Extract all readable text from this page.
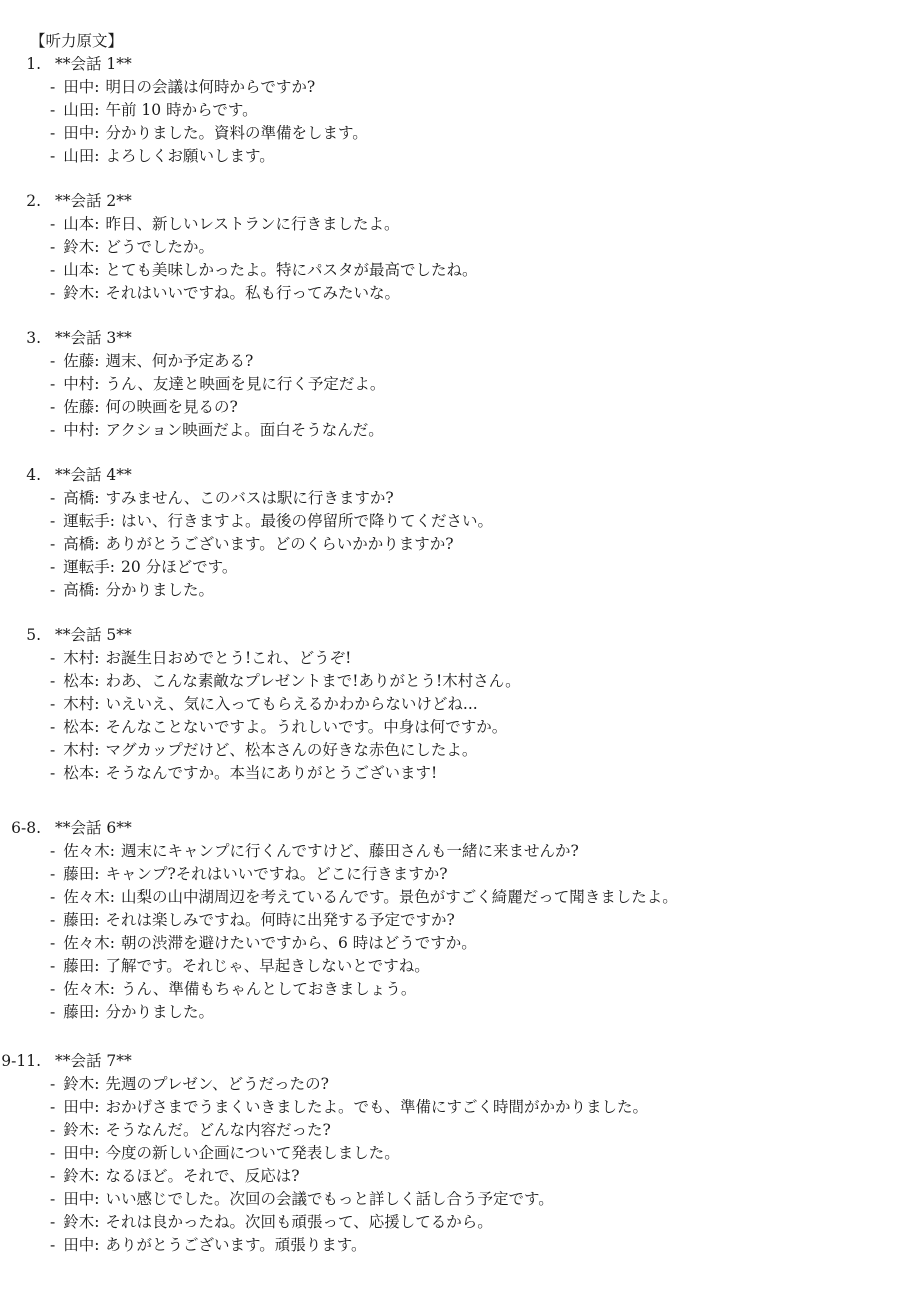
【听力原文】
1. **会話 1**
- 田中: 明日の会議は何時からですか?
- 山田: 午前 10 時からです。
- 田中: 分かりました。資料の準備をします。
- 山田: よろしくお願いします。
2. **会話 2**
- 山本: 昨日、新しいレストランに行きましたよ。
- 鈴木: どうでしたか。
- 山本: とても美味しかったよ。特にパスタが最高でしたね。
- 鈴木: それはいいですね。私も行ってみたいな。
3. **会話 3**
- 佐藤: 週末、何か予定ある?
- 中村: うん、友達と映画を見に行く予定だよ。
- 佐藤: 何の映画を見るの?
- 中村: アクション映画だよ。面白そうなんだ。
4. **会話 4**
- 高橋: すみません、このバスは駅に行きますか?
- 運転手: はい、行きますよ。最後の停留所で降りてください。
- 高橋: ありがとうございます。どのくらいかかりますか?
- 運転手: 20 分ほどです。
- 高橋: 分かりました。
5. **会話 5**
- 木村: お誕生日おめでとう!これ、どうぞ!
- 松本: わあ、こんな素敵なプレゼントまで!ありがとう!木村さん。
- 木村: いえいえ、気に入ってもらえるかわからないけどね...
- 松本: そんなことないですよ。うれしいです。中身は何ですか。
- 木村: マグカップだけど、松本さんの好きな赤色にしたよ。
- 松本: そうなんですか。本当にありがとうございます!
6-8. **会話 6**
- 佐々木: 週末にキャンプに行くんですけど、藤田さんも一緒に来ませんか?
- 藤田: キャンプ?それはいいですね。どこに行きますか?
- 佐々木: 山梨の山中湖周辺を考えているんです。景色がすごく綺麗だって聞きましたよ。
- 藤田: それは楽しみですね。何時に出発する予定ですか?
- 佐々木: 朝の渋滞を避けたいですから、6 時はどうですか。
- 藤田: 了解です。それじゃ、早起きしないとですね。
- 佐々木: うん、準備もちゃんとしておきましょう。
- 藤田: 分かりました。
9-11. **会話 7**
- 鈴木: 先週のプレゼン、どうだったの?
- 田中: おかげさまでうまくいきましたよ。でも、準備にすごく時間がかかりました。
- 鈴木: そうなんだ。どんな内容だった?
- 田中: 今度の新しい企画について発表しました。
- 鈴木: なるほど。それで、反応は?
- 田中: いい感じでした。次回の会議でもっと詳しく話し合う予定です。
- 鈴木: それは良かったね。次回も頑張って、応援してるから。
- 田中: ありがとうございます。頑張ります。
